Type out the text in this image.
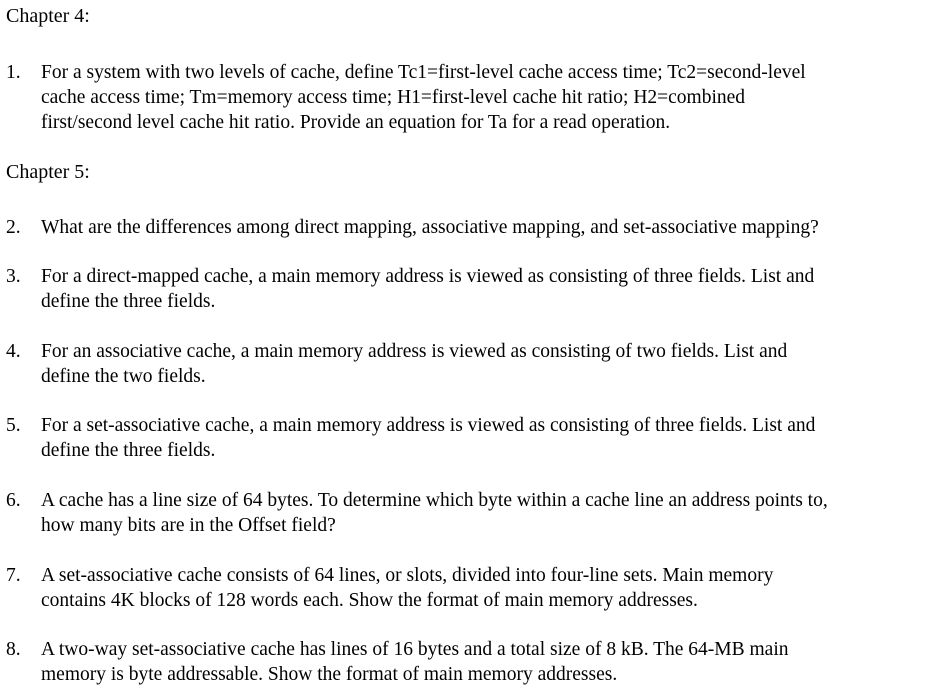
Chapter 4:
1.	For a system with two levels of cache, define Tc1=first-level cache access time; Tc2=second-level
cache access time; Tm=memory access time; H1=first-level cache hit ratio; H2=combined
first/second level cache hit ratio. Provide an equation for Ta for a read operation.
Chapter 5:
2.	What are the differences among direct mapping, associative mapping, and set-associative mapping?
3.	For a direct-mapped cache, a main memory address is viewed as consisting of three fields. List and
define the three fields.
4.	For an associative cache, a main memory address is viewed as consisting of two fields. List and
define the two fields.
5.	For a set-associative cache, a main memory address is viewed as consisting of three fields. List and
define the three fields.
6.	A cache has a line size of 64 bytes. To determine which byte within a cache line an address points to,
how many bits are in the Offset field?
7.	A set-associative cache consists of 64 lines, or slots, divided into four-line sets. Main memory
contains 4K blocks of 128 words each. Show the format of main memory addresses.
8.	A two-way set-associative cache has lines of 16 bytes and a total size of 8 kB. The 64-MB main
memory is byte addressable. Show the format of main memory addresses.
